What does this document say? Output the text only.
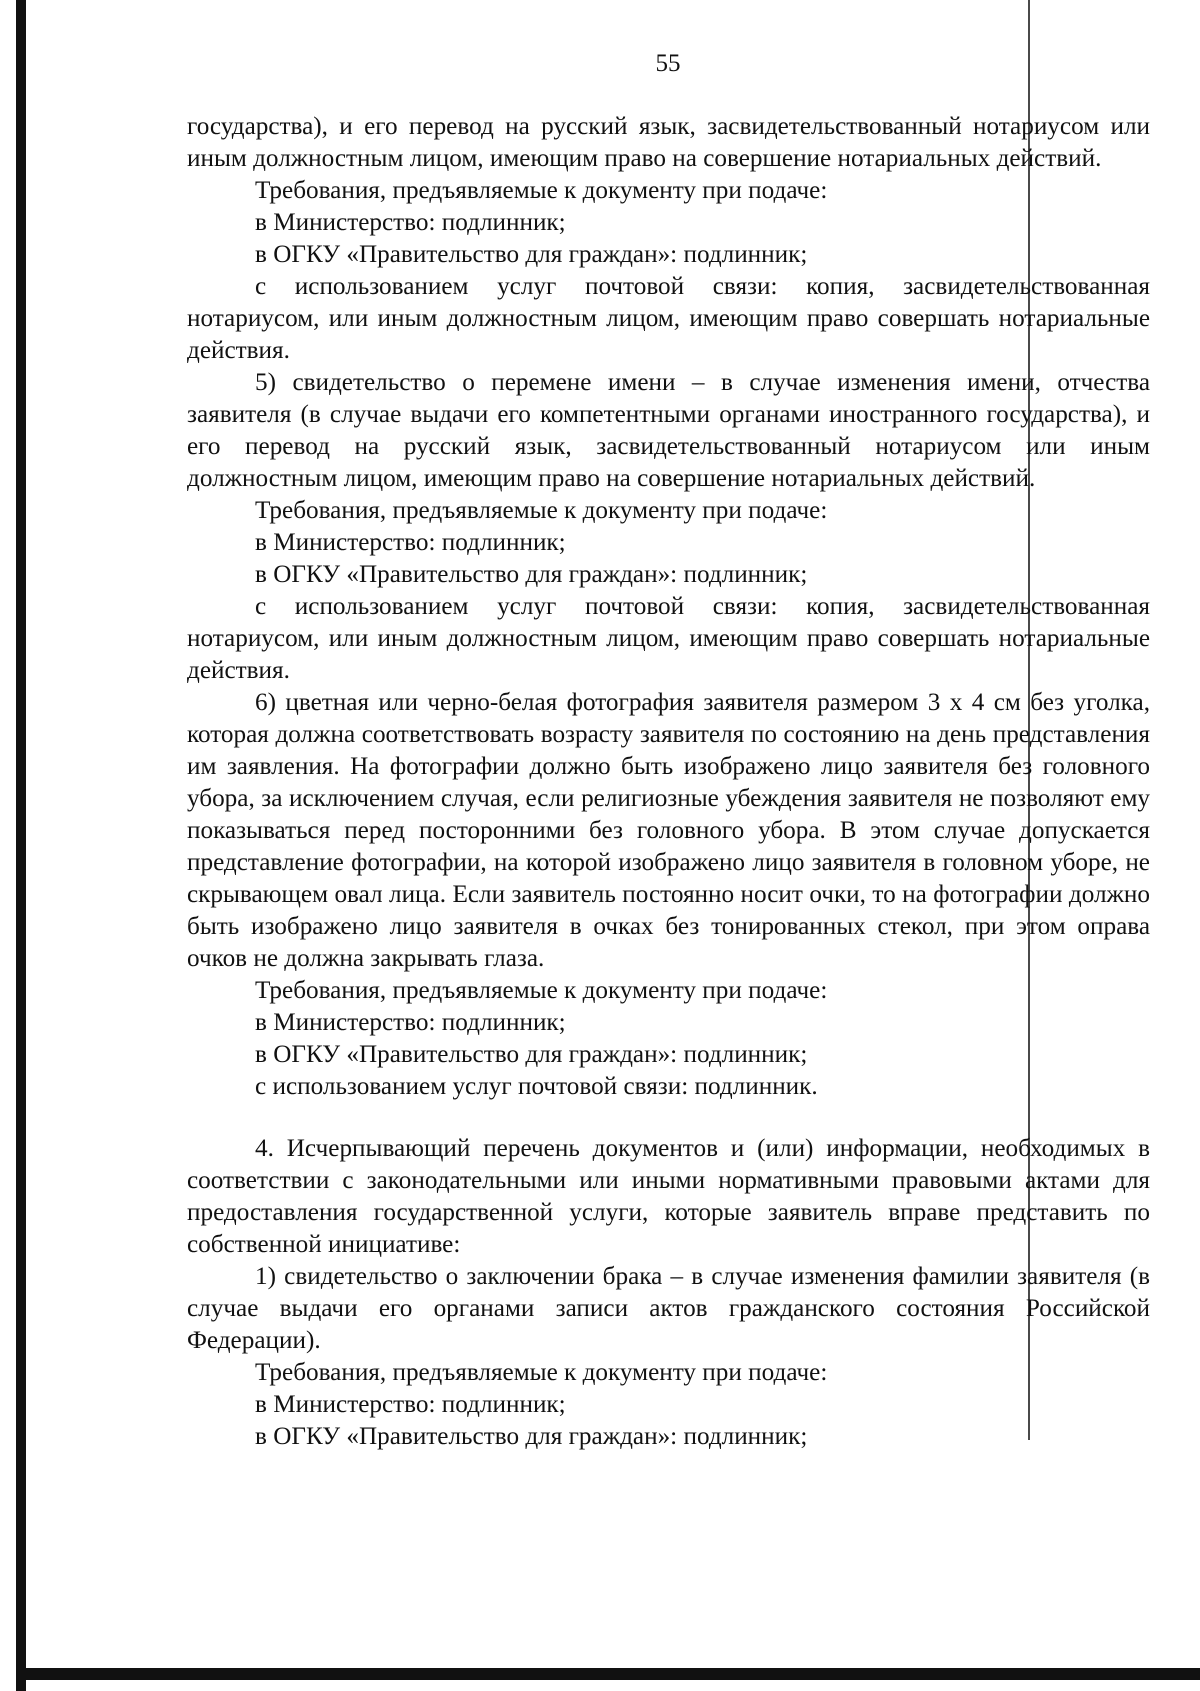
55

государства), и его перевод на русский язык, засвидетельствованный нотариусом или иным должностным лицом, имеющим право на совершение нотариальных действий.

Требования, предъявляемые к документу при подаче:

в Министерство: подлинник;

в ОГКУ «Правительство для граждан»: подлинник;

с использованием услуг почтовой связи: копия, засвидетельствованная нотариусом, или иным должностным лицом, имеющим право совершать нотариальные действия.

5) свидетельство о перемене имени – в случае изменения имени, отчества заявителя (в случае выдачи его компетентными органами иностранного государства), и его перевод на русский язык, засвидетельствованный нотариусом или иным должностным лицом, имеющим право на совершение нотариальных действий.

Требования, предъявляемые к документу при подаче:

в Министерство: подлинник;

в ОГКУ «Правительство для граждан»: подлинник;

с использованием услуг почтовой связи: копия, засвидетельствованная нотариусом, или иным должностным лицом, имеющим право совершать нотариальные действия.

6) цветная или черно-белая фотография заявителя размером 3 х 4 см без уголка, которая должна соответствовать возрасту заявителя по состоянию на день представления им заявления. На фотографии должно быть изображено лицо заявителя без головного убора, за исключением случая, если религиозные убеждения заявителя не позволяют ему показываться перед посторонними без головного убора. В этом случае допускается представление фотографии, на которой изображено лицо заявителя в головном уборе, не скрывающем овал лица. Если заявитель постоянно носит очки, то на фотографии должно быть изображено лицо заявителя в очках без тонированных стекол, при этом оправа очков не должна закрывать глаза.

Требования, предъявляемые к документу при подаче:

в Министерство: подлинник;

в ОГКУ «Правительство для граждан»: подлинник;

с использованием услуг почтовой связи: подлинник.

4. Исчерпывающий перечень документов и (или) информации, необходимых в соответствии с законодательными или иными нормативными правовыми актами для предоставления государственной услуги, которые заявитель вправе представить по собственной инициативе:

1) свидетельство о заключении брака – в случае изменения фамилии заявителя (в случае выдачи его органами записи актов гражданского состояния Российской Федерации).

Требования, предъявляемые к документу при подаче:

в Министерство: подлинник;

в ОГКУ «Правительство для граждан»: подлинник;
